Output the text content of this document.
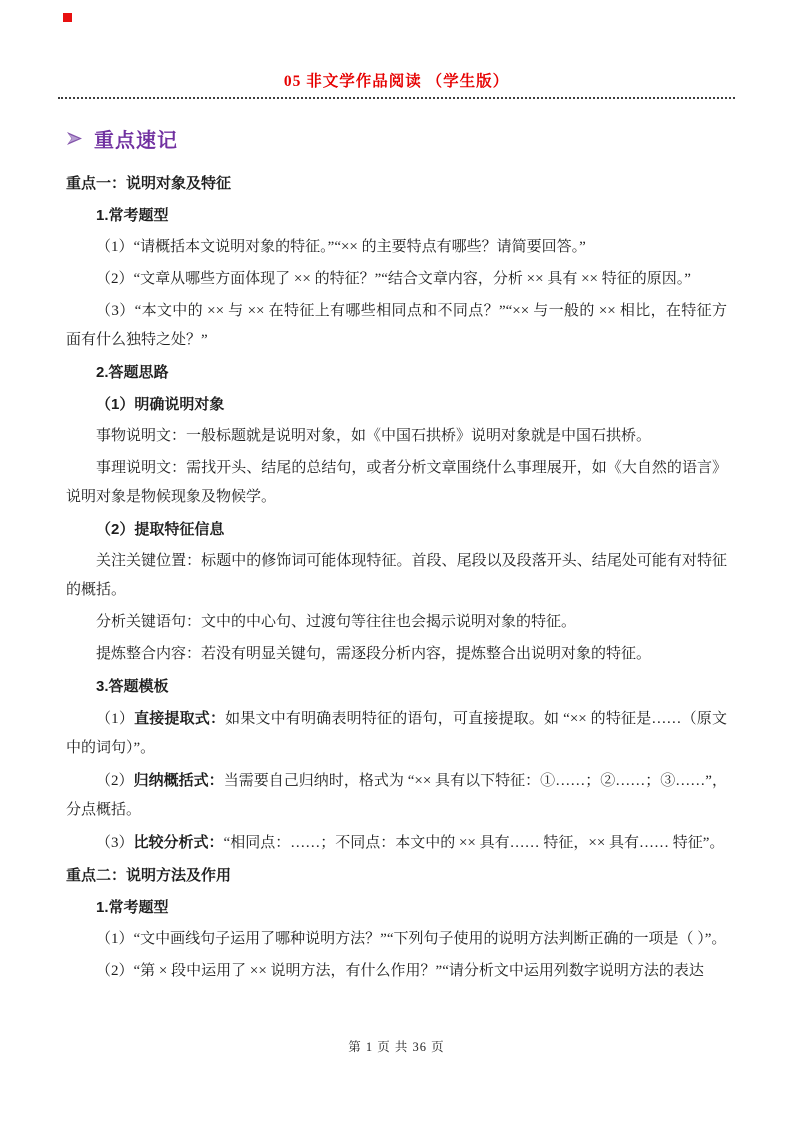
05 非文学作品阅读 （学生版）
重点速记

重点一：说明对象及特征

1.常考题型

（1）“请概括本文说明对象的特征。”“×× 的主要特点有哪些？请简要回答。”

（2）“文章从哪些方面体现了 ×× 的特征？”“结合文章内容，分析 ×× 具有 ×× 特征的原因。”

（3）“本文中的 ×× 与 ×× 在特征上有哪些相同点和不同点？”“×× 与一般的 ×× 相比，在特征方面有什么独特之处？”

2.答题思路

（1）明确说明对象

事物说明文：一般标题就是说明对象，如《中国石拱桥》说明对象就是中国石拱桥。

事理说明文：需找开头、结尾的总结句，或者分析文章围绕什么事理展开，如《大自然的语言》说明对象是物候现象及物候学。

（2）提取特征信息

关注关键位置：标题中的修饰词可能体现特征。首段、尾段以及段落开头、结尾处可能有对特征的概括。

分析关键语句：文中的中心句、过渡句等往往也会揭示说明对象的特征。

提炼整合内容：若没有明显关键句，需逐段分析内容，提炼整合出说明对象的特征。

3.答题模板

（1）直接提取式：如果文中有明确表明特征的语句，可直接提取。如 “×× 的特征是……（原文中的词句）”。

（2）归纳概括式：当需要自己归纳时，格式为 “×× 具有以下特征：①……；②……；③……”，分点概括。

（3）比较分析式：“相同点：……；不同点：本文中的 ×× 具有…… 特征，×× 具有…… 特征”。

重点二：说明方法及作用

1.常考题型

（1）“文中画线句子运用了哪种说明方法？”“下列句子使用的说明方法判断正确的一项是（ ）”。

（2）“第 × 段中运用了 ×× 说明方法，有什么作用？”“请分析文中运用列数字说明方法的表达

第 1 页 共 36 页
